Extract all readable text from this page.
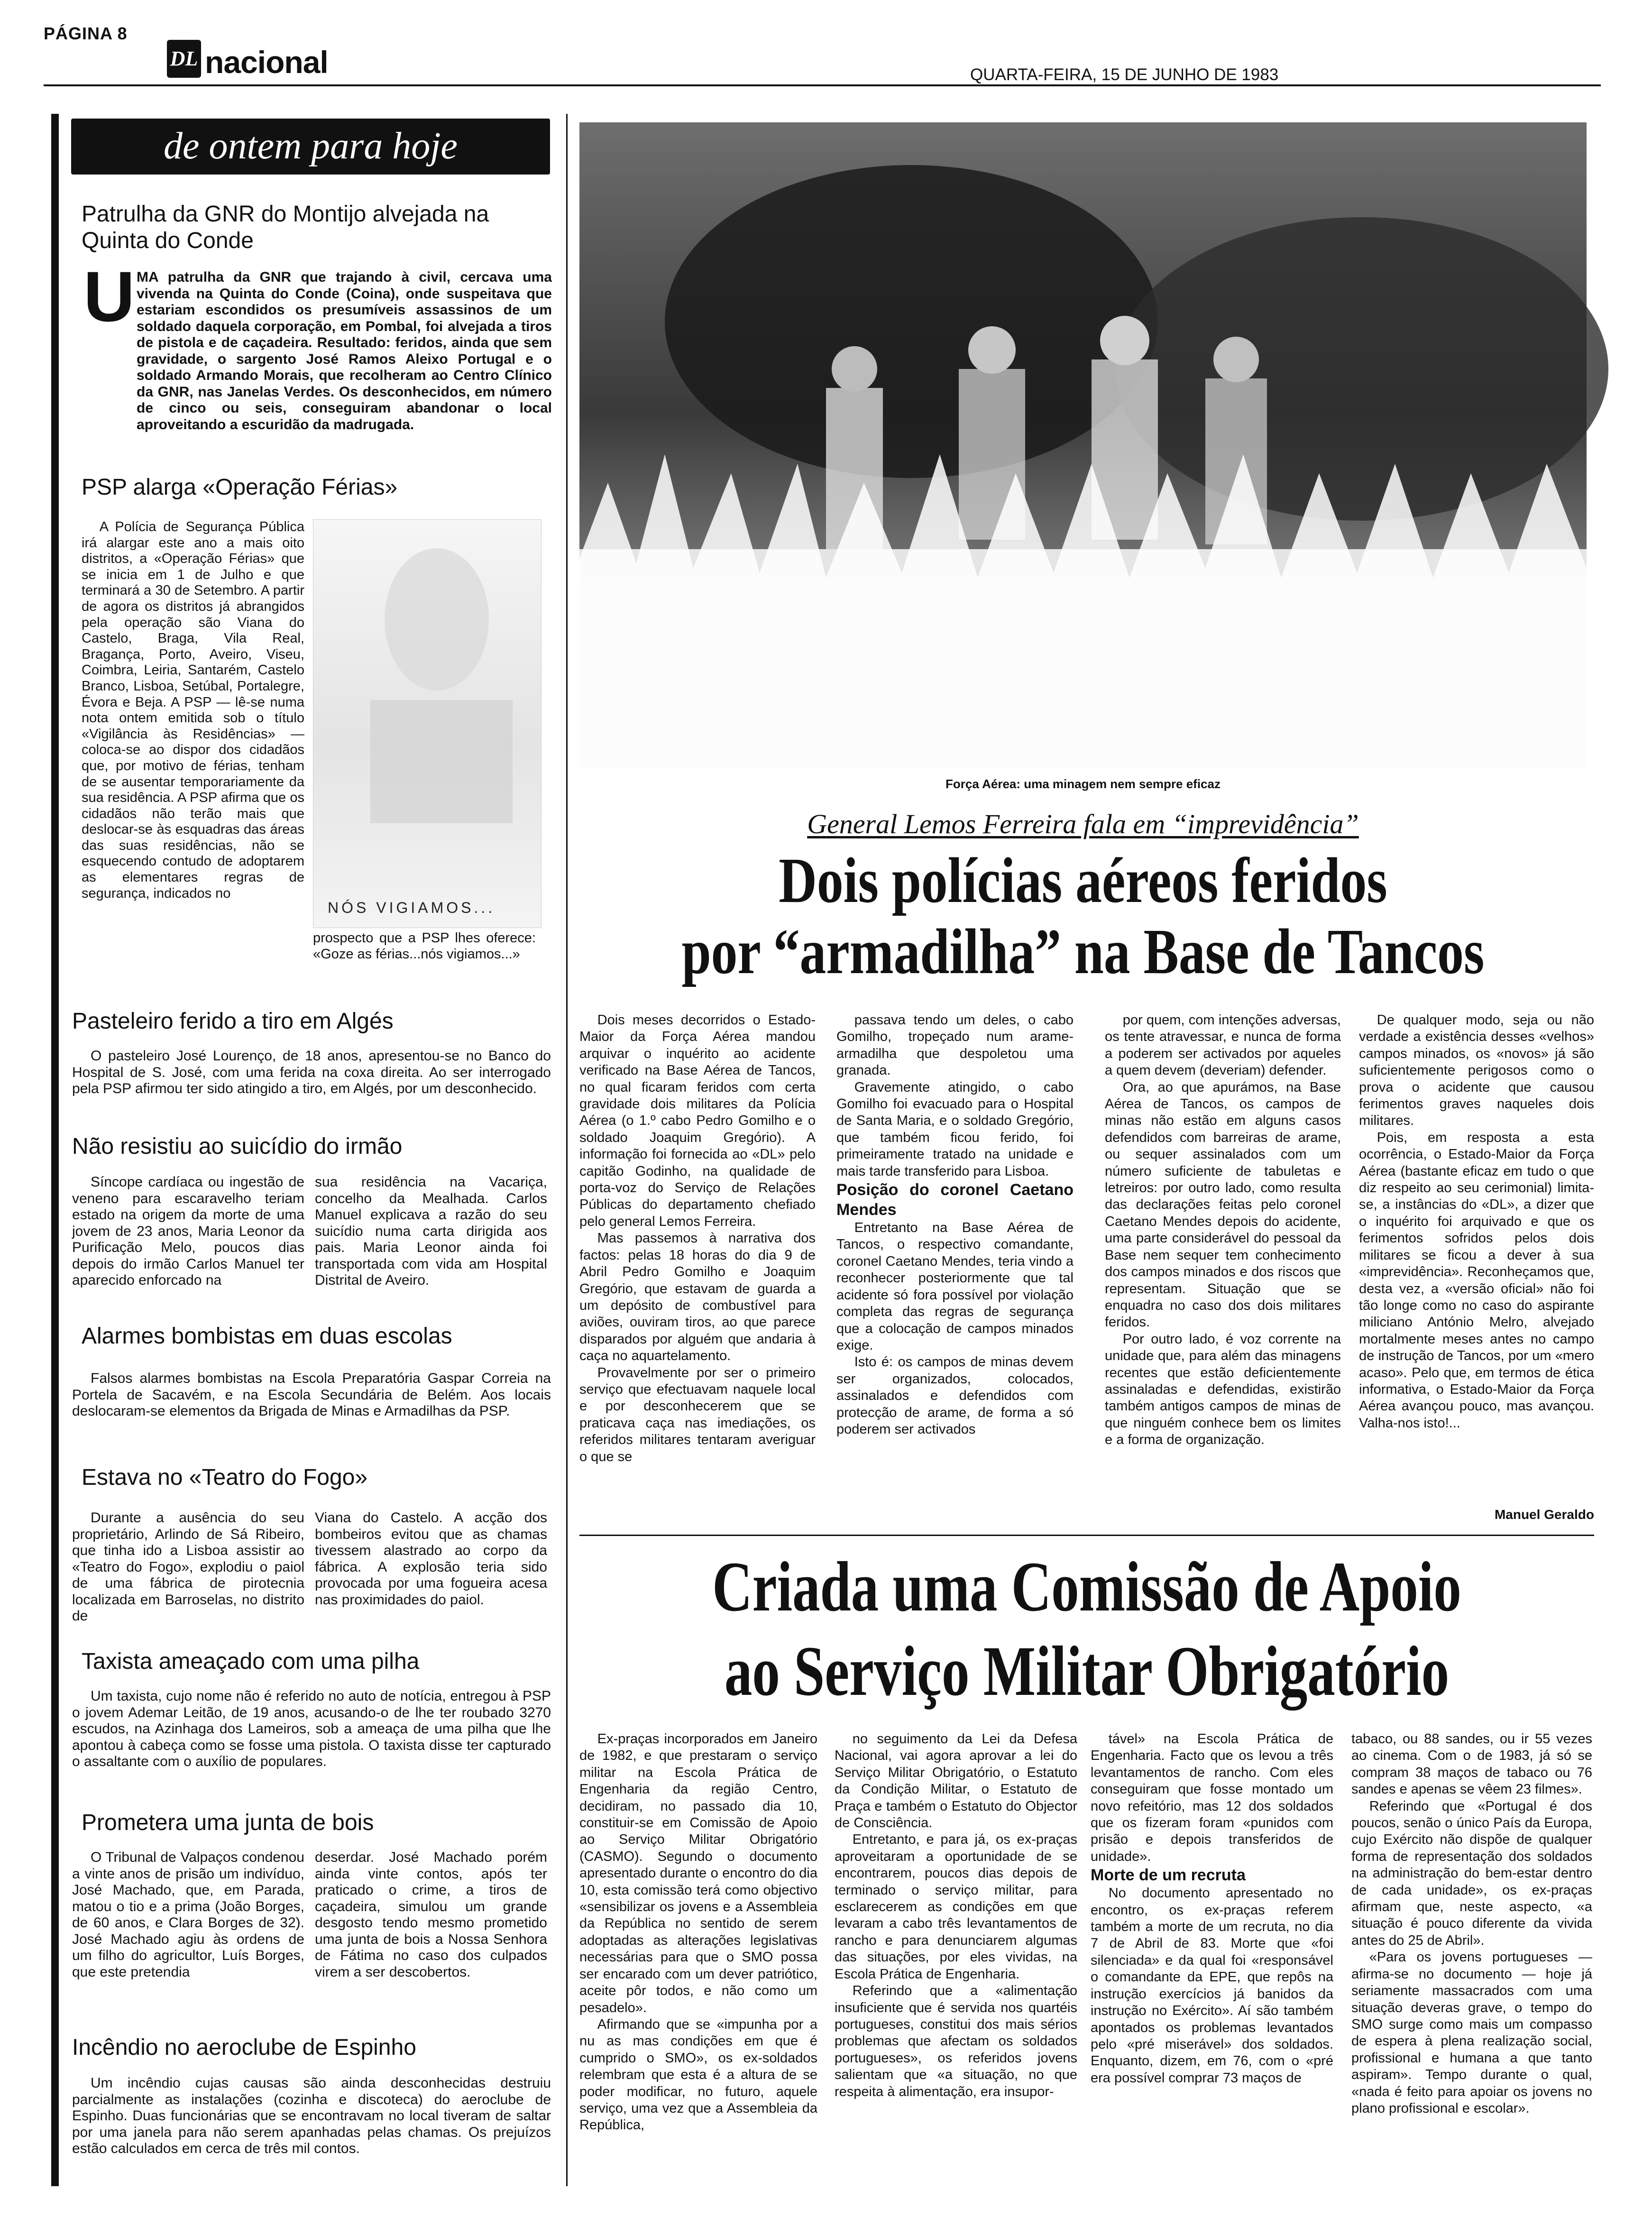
PÁGINA 8
DL nacional	QUARTA-FEIRA, 15 DE JUNHO DE 1983
de ontem para hoje
Patrulha da GNR do Montijo alvejada na Quinta do Conde
U MA patrulha da GNR que trajando à civil, cercava uma vivenda na Quinta do Conde (Coina), onde suspeitava que estariam escondidos os presumíveis assassinos de um soldado daquela corporação, em Pombal, foi alvejada a tiros de pistola e de caçadeira. Resultado: feridos, ainda que sem gravidade, o sargento José Ramos Aleixo Portugal e o soldado Armando Morais, que recolheram ao Centro Clínico da GNR, nas Janelas Verdes. Os desconhecidos, em número de cinco ou seis, conseguiram abandonar o local aproveitando a escuridão da madrugada.
PSP alarga «Operação Férias»

A Polícia de Segurança Pública irá alargar este ano a mais oito distritos, a «Operação Férias» que se inicia em 1 de Julho e que terminará a 30 de Setembro. A partir de agora os distritos já abrangidos pela operação são Viana do Castelo, Braga, Vila Real, Bragança, Porto, Aveiro, Viseu, Coimbra, Leiria, Santarém, Castelo Branco, Lisboa, Setúbal, Portalegre, Évora e Beja. A PSP — lê-se numa nota ontem emitida sob o título «Vigilância às Residências» — coloca-se ao dispor dos cidadãos que, por motivo de férias, tenham de se ausentar temporariamente da sua residência. A PSP afirma que os cidadãos não terão mais que deslocar-se às esquadras das áreas das suas residências, não se esquecendo contudo de adoptarem as elementares regras de segurança, indicados no

NÓS VIGIAMOS...
prospecto que a PSP lhes oferece: «Goze as férias...nós vigiamos...»
Pasteleiro ferido a tiro em Algés

O pasteleiro José Lourenço, de 18 anos, apresentou-se no Banco do Hospital de S. José, com uma ferida na coxa direita. Ao ser interrogado pela PSP afirmou ter sido atingido a tiro, em Algés, por um desconhecido.

Não resistiu ao suicídio do irmão

Síncope cardíaca ou ingestão de veneno para escaravelho teriam estado na origem da morte de uma jovem de 23 anos, Maria Leonor da Purificação Melo, poucos dias depois do irmão Carlos Manuel ter aparecido enforcado na

sua residência na Vacariça, concelho da Mealhada. Carlos Manuel explicava a razão do seu suicídio numa carta dirigida aos pais. Maria Leonor ainda foi transportada com vida am Hospital Distrital de Aveiro.
Alarmes bombistas em duas escolas

Falsos alarmes bombistas na Escola Preparatória Gaspar Correia na Portela de Sacavém, e na Escola Secundária de Belém. Aos locais deslocaram-se elementos da Brigada de Minas e Armadilhas da PSP.

Estava no «Teatro do Fogo»

Durante a ausência do seu proprietário, Arlindo de Sá Ribeiro, que tinha ido a Lisboa assistir ao «Teatro do Fogo», explodiu o paiol de uma fábrica de pirotecnia localizada em Barroselas, no distrito de

Viana do Castelo. A acção dos bombeiros evitou que as chamas tivessem alastrado ao corpo da fábrica. A explosão teria sido provocada por uma fogueira acesa nas proximidades do paiol.
Taxista ameaçado com uma pilha

Um taxista, cujo nome não é referido no auto de notícia, entregou à PSP o jovem Ademar Leitão, de 19 anos, acusando-o de lhe ter roubado 3270 escudos, na Azinhaga dos Lameiros, sob a ameaça de uma pilha que lhe apontou à cabeça como se fosse uma pistola. O taxista disse ter capturado o assaltante com o auxílio de populares.

Prometera uma junta de bois

O Tribunal de Valpaços condenou a vinte anos de prisão um indivíduo, José Machado, que, em Parada, matou o tio e a prima (João Borges, de 60 anos, e Clara Borges de 32). José Machado agiu às ordens de um filho do agricultor, Luís Borges, que este pretendia

deserdar. José Machado porém ainda vinte contos, após ter praticado o crime, a tiros de caçadeira, simulou um grande desgosto tendo mesmo prometido uma junta de bois a Nossa Senhora de Fátima no caso dos culpados virem a ser descobertos.
Incêndio no aeroclube de Espinho

Um incêndio cujas causas são ainda desconhecidas destruiu parcialmente as instalações (cozinha e discoteca) do aeroclube de Espinho. Duas funcionárias que se encontravam no local tiveram de saltar por uma janela para não serem apanhadas pelas chamas. Os prejuízos estão calculados em cerca de três mil contos.

Força Aérea: uma minagem nem sempre eficaz
General Lemos Ferreira fala em “imprevidência”
Dois polícias aéreos feridos
por “armadilha” na Base de Tancos

Dois meses decorridos o Estado-Maior da Força Aérea mandou arquivar o inquérito ao acidente verificado na Base Aérea de Tancos, no qual ficaram feridos com certa gravidade dois militares da Polícia Aérea (o 1.º cabo Pedro Gomilho e o soldado Joaquim Gregório). A informação foi fornecida ao «DL» pelo capitão Godinho, na qualidade de porta-voz do Serviço de Relações Públicas do departamento chefiado pelo general Lemos Ferreira.

Mas passemos à narrativa dos factos: pelas 18 horas do dia 9 de Abril Pedro Gomilho e Joaquim Gregório, que estavam de guarda a um depósito de combustível para aviões, ouviram tiros, ao que parece disparados por alguém que andaria à caça no aquartelamento.

Provavelmente por ser o primeiro serviço que efectuavam naquele local e por desconhecerem que se praticava caça nas imediações, os referidos militares tentaram averiguar o que se

passava tendo um deles, o cabo Gomilho, tropeçado num arame-armadilha que despoletou uma granada.

Gravemente atingido, o cabo Gomilho foi evacuado para o Hospital de Santa Maria, e o soldado Gregório, que também ficou ferido, foi primeiramente tratado na unidade e mais tarde transferido para Lisboa.

Posição do coronel Caetano Mendes

Entretanto na Base Aérea de Tancos, o respectivo comandante, coronel Caetano Mendes, teria vindo a reconhecer posteriormente que tal acidente só fora possível por violação completa das regras de segurança que a colocação de campos minados exige.

Isto é: os campos de minas devem ser organizados, colocados, assinalados e defendidos com protecção de arame, de forma a só poderem ser activados

por quem, com intenções adversas, os tente atravessar, e nunca de forma a poderem ser activados por aqueles a quem devem (deveriam) defender.

Ora, ao que apurámos, na Base Aérea de Tancos, os campos de minas não estão em alguns casos defendidos com barreiras de arame, ou sequer assinalados com um número suficiente de tabuletas e letreiros: por outro lado, como resulta das declarações feitas pelo coronel Caetano Mendes depois do acidente, uma parte considerável do pessoal da Base nem sequer tem conhecimento dos campos minados e dos riscos que representam. Situação que se enquadra no caso dos dois militares feridos.

Por outro lado, é voz corrente na unidade que, para além das minagens recentes que estão deficientemente assinaladas e defendidas, existirão também antigos campos de minas de que ninguém conhece bem os limites e a forma de organização.

De qualquer modo, seja ou não verdade a existência desses «velhos» campos minados, os «novos» já são suficientemente perigosos como o prova o acidente que causou ferimentos graves naqueles dois militares.

Pois, em resposta a esta ocorrência, o Estado-Maior da Força Aérea (bastante eficaz em tudo o que diz respeito ao seu cerimonial) limita-se, a instâncias do «DL», a dizer que o inquérito foi arquivado e que os ferimentos sofridos pelos dois militares se ficou a dever à sua «imprevidência». Reconheçamos que, desta vez, a «versão oficial» não foi tão longe como no caso do aspirante miliciano António Melro, alvejado mortalmente meses antes no campo de instrução de Tancos, por um «mero acaso». Pelo que, em termos de ética informativa, o Estado-Maior da Força Aérea avançou pouco, mas avançou. Valha-nos isto!...

Manuel Geraldo
Criada uma Comissão de Apoio
ao Serviço Militar Obrigatório

Ex-praças incorporados em Janeiro de 1982, e que prestaram o serviço militar na Escola Prática de Engenharia da região Centro, decidiram, no passado dia 10, constituir-se em Comissão de Apoio ao Serviço Militar Obrigatório (CASMO). Segundo o documento apresentado durante o encontro do dia 10, esta comissão terá como objectivo «sensibilizar os jovens e a Assembleia da República no sentido de serem adoptadas as alterações legislativas necessárias para que o SMO possa ser encarado com um dever patriótico, aceite pôr todos, e não como um pesadelo».

Afirmando que se «impunha por a nu as mas condições em que é cumprido o SMO», os ex-soldados relembram que esta é a altura de se poder modificar, no futuro, aquele serviço, uma vez que a Assembleia da República,

no seguimento da Lei da Defesa Nacional, vai agora aprovar a lei do Serviço Militar Obrigatório, o Estatuto da Condição Militar, o Estatuto de Praça e também o Estatuto do Objector de Consciência.

Entretanto, e para já, os ex-praças aproveitaram a oportunidade de se encontrarem, poucos dias depois de terminado o serviço militar, para esclarecerem as condições em que levaram a cabo três levantamentos de rancho e para denunciarem algumas das situações, por eles vividas, na Escola Prática de Engenharia.

Referindo que a «alimentação insuficiente que é servida nos quartéis portugueses, constitui dos mais sérios problemas que afectam os soldados portugueses», os referidos jovens salientam que «a situação, no que respeita à alimentação, era insupor-

tável» na Escola Prática de Engenharia. Facto que os levou a três levantamentos de rancho. Com eles conseguiram que fosse montado um novo refeitório, mas 12 dos soldados que os fizeram foram «punidos com prisão e depois transferidos de unidade».

Morte de um recruta

No documento apresentado no encontro, os ex-praças referem também a morte de um recruta, no dia 7 de Abril de 83. Morte que «foi silenciada» e da qual foi «responsável o comandante da EPE, que repôs na instrução exercícios já banidos da instrução no Exército». Aí são também apontados os problemas levantados pelo «pré miserável» dos soldados. Enquanto, dizem, em 76, com o «pré era possível comprar 73 maços de

tabaco, ou 88 sandes, ou ir 55 vezes ao cinema. Com o de 1983, já só se compram 38 maços de tabaco ou 76 sandes e apenas se vêem 23 filmes».

Referindo que «Portugal é dos poucos, senão o único País da Europa, cujo Exército não dispõe de qualquer forma de representação dos soldados na administração do bem-estar dentro de cada unidade», os ex-praças afirmam que, neste aspecto, «a situação é pouco diferente da vivida antes do 25 de Abril».

«Para os jovens portugueses — afirma-se no documento — hoje já seriamente massacrados com uma situação deveras grave, o tempo do SMO surge como mais um compasso de espera à plena realização social, profissional e humana a que tanto aspiram». Tempo durante o qual, «nada é feito para apoiar os jovens no plano profissional e escolar».
